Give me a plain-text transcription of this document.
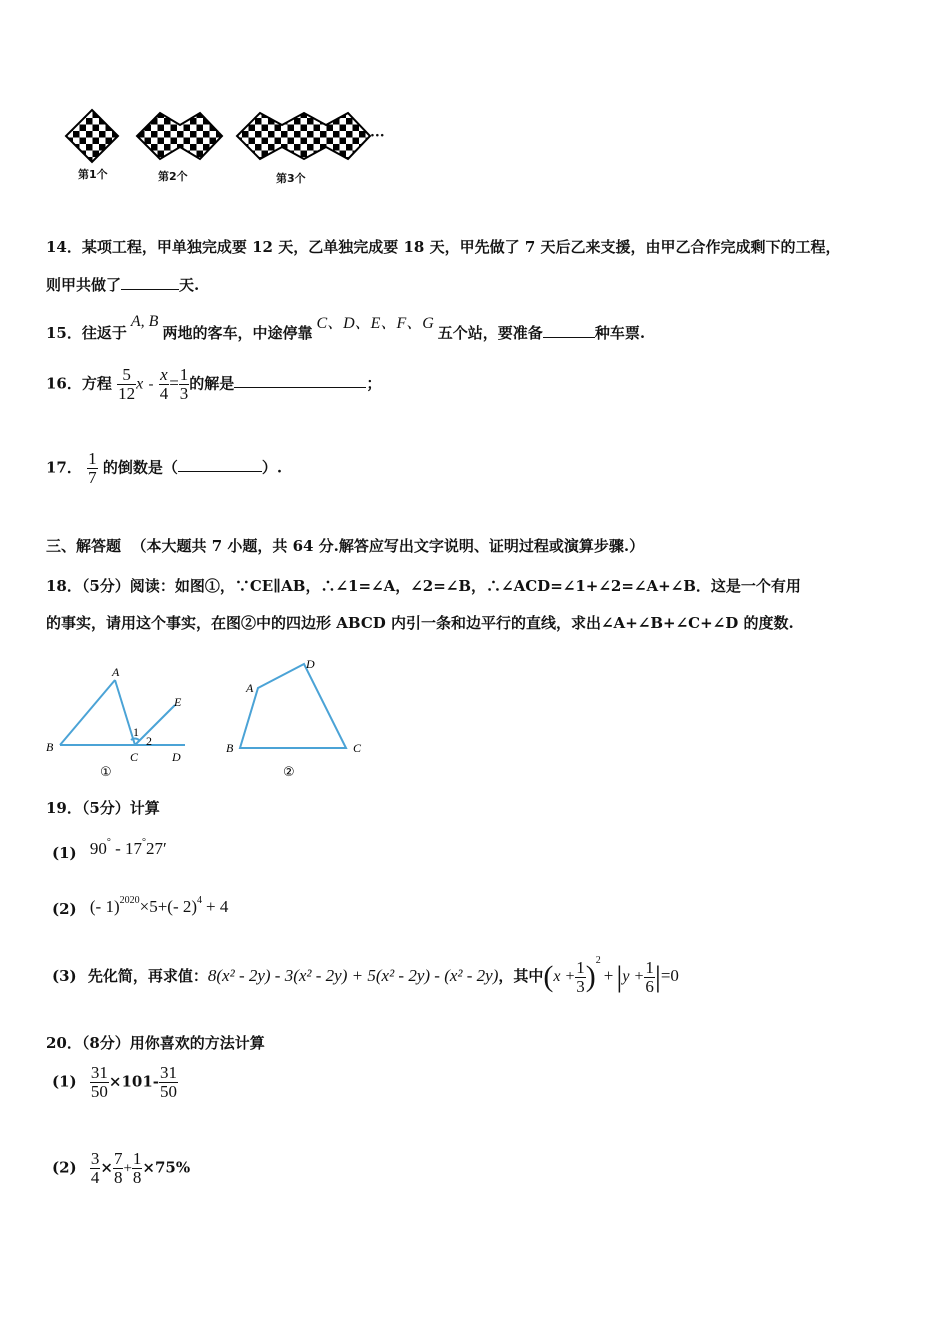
···
第1个	第2个	第3个
14．某项工程，甲单独完成要 12 天，乙单独完成要 18 天，甲先做了 7 天后乙来支援，由甲乙合作完成剩下的工程，
则甲共做了	天.
15．往返于A, B两地的客车，中途停靠C、D、E、F、G五个站，要准备	种车票.
16．方程 $\frac{5}{12}$ $x - \frac{x}{4} = \frac{1}{3}$ 的解是	；
17． $\frac{1}{7}$ 的倒数是（	）.
三、解答题 （本大题共 7 小题，共 64 分.解答应写出文字说明、证明过程或演算步骤.）
18．（5分）阅读：如图①，∵CE∥AB，∴∠1=∠A，∠2=∠B，∴∠ACD=∠1+∠2=∠A+∠B．这是一个有用
的事实，请用这个事实，在图②中的四边形 ABCD 内引一条和边平行的直线，求出∠A+∠B+∠C+∠D 的度数.
A
B
C	D
E
1
2
①
A
B	C
D
②
19．（5分）计算
(1) 90° - 17°27′
(2) (- 1)$^{2020}$×5+(- 2)$^4$ + 4
(3) 先化简，再求值：8(x² - 2y) - 3(x² - 2y) + 5(x² - 2y) - (x² - 2y)，其中$(x + \frac{1}{3} )^2+ |y + \frac{1}{6} |=0$
20．（8分）用你喜欢的方法计算
$(1) \frac{31}{50} \times 101- \frac{31}{50}$
$(2) \frac{3}{4} \times \frac{7}{8} + \frac{1}{8} \times 75\%$
